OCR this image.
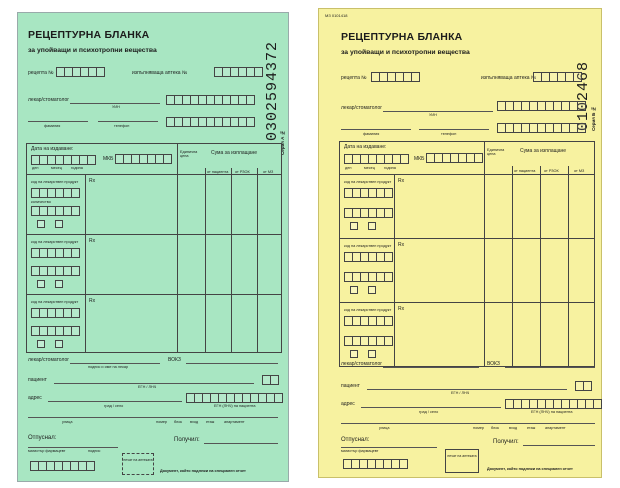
РЕЦЕПТУРНА БЛАНКА
за упойващи и психотропни вещества	0302594372
Серия А №
рецепта №	изпълняваща аптека №
лекар/стоматолог
УИН
фамилия	телефон
Дата на издаване:
ден	месец година
МКБ
Единична цена	Сума за изплащане
от пациента от РЗОК	от МЗ
Rx
код на лекарствен продукт
количество
Rx
код на лекарствен продукт
Rx
код на лекарствен продукт
лекар/стоматолог
подпис и име на лекар
ВОКЗ
пациент
ЕГН / ЛНЧ
адрес
град / село	ЕГН (ЛНЧ) на пациента
улица	номер блок вход етаж	апартамент
Отпуснал:
магистър фармацевт	подпис
Получил:
печат на аптеката
Документ, който подлежи на специален отчет
МЗ 0101418
РЕЦЕПТУРНА БЛАНКА
за упойващи и психотропни вещества
0102468 Серия Б №
рецепта №	изпълняваща аптека №
лекар/стоматолог
УИН
фамилия	телефон
Дата на издаване:
ден	месец година
МКБ
Единична цена	Сума за изплащане
от пациента от РЗОК	от МЗ
Rx
код на лекарствен продукт
Rx
код на лекарствен продукт
Rx
код на лекарствен продукт
лекар/стоматолог	ВОКЗ
пациент
ЕГН / ЛНЧ
адрес
град / село	ЕГН (ЛНЧ) на пациента
улица	номер блок	вход	етаж	апартамент
Отпуснал:
магистър фармацевт
Получил:
печат на аптеката
Документ, който подлежи на специален отчет
